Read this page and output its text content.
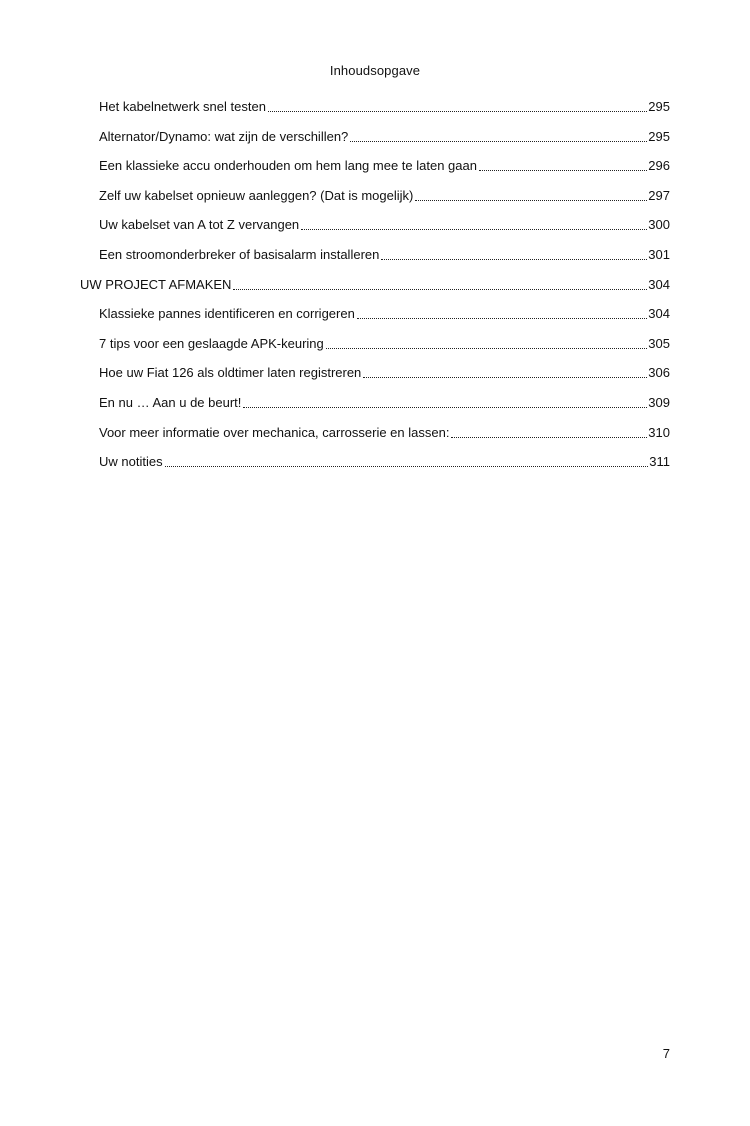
Inhoudsopgave
Het kabelnetwerk snel testen	295
Alternator/Dynamo: wat zijn de verschillen?	295
Een klassieke accu onderhouden om hem lang mee te laten gaan	296
Zelf uw kabelset opnieuw aanleggen? (Dat is mogelijk)	297
Uw kabelset van A tot Z vervangen	300
Een stroomonderbreker of basisalarm installeren	301
UW PROJECT AFMAKEN	304
Klassieke pannes identificeren en corrigeren	304
7 tips voor een geslaagde APK-keuring	305
Hoe uw Fiat 126 als oldtimer laten registreren	306
En nu … Aan u de beurt!	309
Voor meer informatie over mechanica, carrosserie en lassen:	310
Uw notities	311
7
